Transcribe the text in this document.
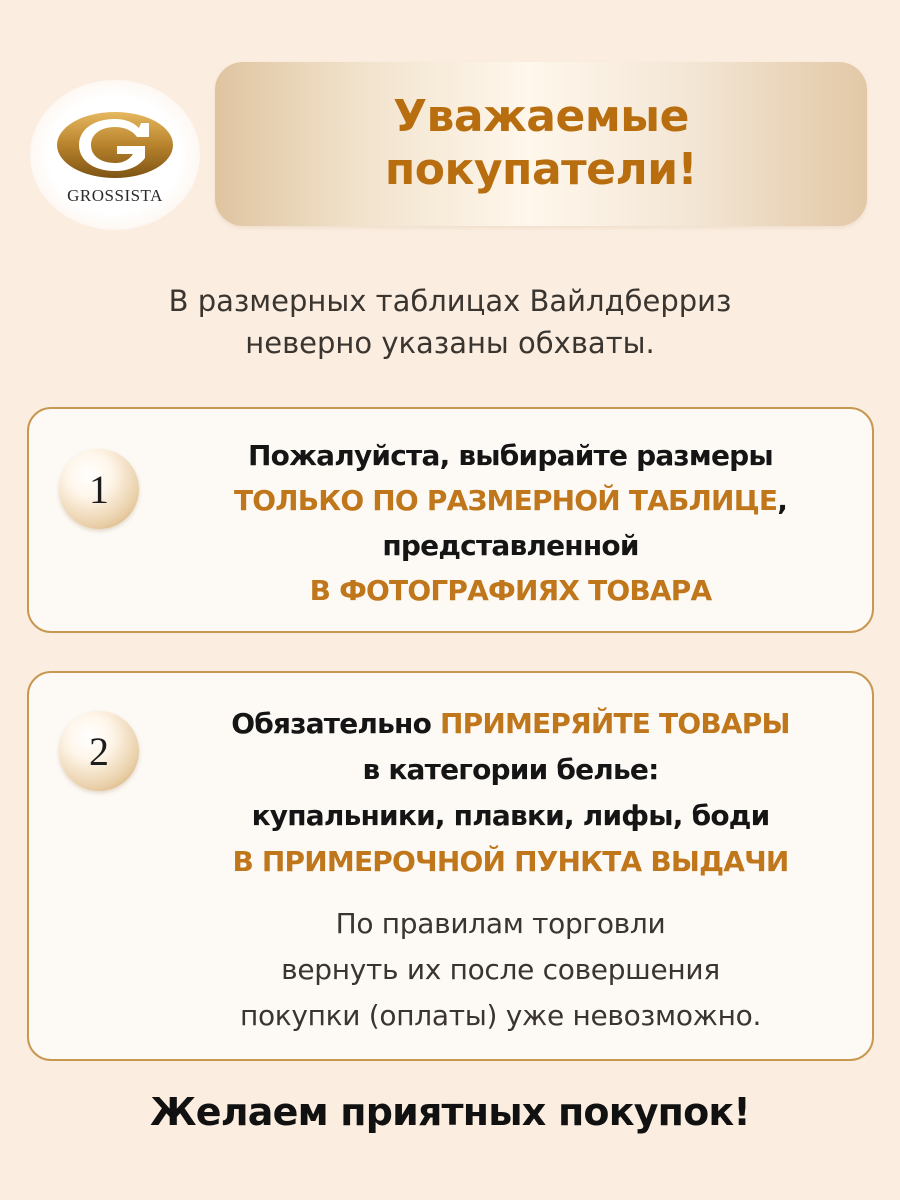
GROSSISTA
Уважаемые
покупатели!
В размерных таблицах Вайлдберриз
неверно указаны обхваты.
1
Пожалуйста, выбирайте размеры
ТОЛЬКО ПО РАЗМЕРНОЙ ТАБЛИЦЕ,
представленной
В ФОТОГРАФИЯХ ТОВАРА
2
Обязательно ПРИМЕРЯЙТЕ ТОВАРЫ
в категории белье:
купальники, плавки, лифы, боди
В ПРИМЕРОЧНОЙ ПУНКТА ВЫДАЧИ
По правилам торговли
вернуть их после совершения
покупки (оплаты) уже невозможно.
Желаем приятных покупок!
